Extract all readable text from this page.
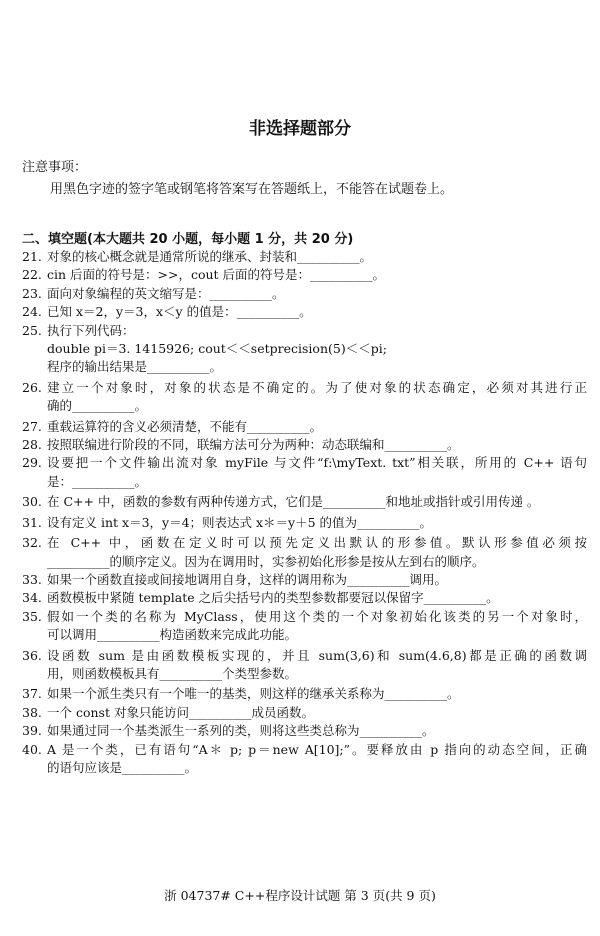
非选择题部分
注意事项：
用黑色字迹的签字笔或钢笔将答案写在答题纸上，不能答在试题卷上。
二、填空题(本大题共 20 小题，每小题 1 分，共 20 分)
21. 对象的核心概念就是通常所说的继承、封装和__________。
22. cin 后面的符号是：>>，cout 后面的符号是：__________。
23. 面向对象编程的英文缩写是：__________。
24. 已知 x＝2，y＝3，x＜y 的值是：__________。
25. 执行下列代码：
double pi＝3. 1415926; cout＜＜setprecision(5)＜＜pi;
程序的输出结果是__________。
26. 建立一个对象时，对象的状态是不确定的。为了使对象的状态确定，必须对其进行正
确的__________。
27. 重载运算符的含义必须清楚，不能有__________。
28. 按照联编进行阶段的不同，联编方法可分为两种：动态联编和__________。
29. 设要把一个文件输出流对象 myFile 与文件“f:\myText. txt”相关联，所用的 C++ 语句
是：__________。
30. 在 C++ 中，函数的参数有两种传递方式，它们是__________和地址或指针或引用传递 。
31. 设有定义 int x＝3，y＝4；则表达式 x＊＝y＋5 的值为__________。
32. 在 C++ 中，函数在定义时可以预先定义出默认的形参值。默认形参值必须按
__________的顺序定义。因为在调用时，实参初始化形参是按从左到右的顺序。
33. 如果一个函数直接或间接地调用自身，这样的调用称为__________调用。
34. 函数模板中紧随 template 之后尖括号内的类型参数都要冠以保留字__________。
35. 假如一个类的名称为 MyClass，使用这个类的一个对象初始化该类的另一个对象时，
可以调用__________构造函数来完成此功能。
36. 设函数 sum 是由函数模板实现的，并且 sum(3,6)和 sum(4.6,8)都是正确的函数调
用，则函数模板具有__________个类型参数。
37. 如果一个派生类只有一个唯一的基类，则这样的继承关系称为__________。
38. 一个 const 对象只能访问__________成员函数。
39. 如果通过同一个基类派生一系列的类，则将这些类总称为__________。
40. A 是一个类，已有语句“A＊ p; p＝new A[10];”。要释放由 p 指向的动态空间，正确
的语句应该是__________。
浙 04737# C++程序设计试题 第 3 页(共 9 页)
